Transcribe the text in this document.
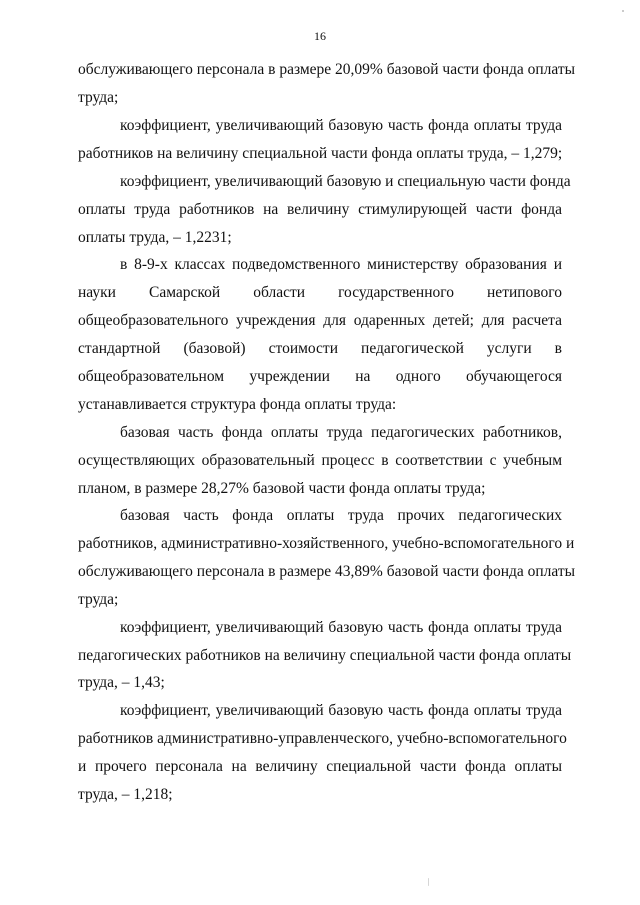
16
обслуживающего персонала в размере 20,09% базовой части фонда оплаты
труда;
коэффициент, увеличивающий базовую часть фонда оплаты труда
работников на величину специальной части фонда оплаты труда, – 1,279;
коэффициент, увеличивающий базовую и специальную части фонда
оплаты труда работников на величину стимулирующей части фонда
оплаты труда, – 1,2231;
в 8-9-х классах подведомственного министерству образования и
науки Самарской области государственного нетипового
общеобразовательного учреждения для одаренных детей; для расчета
стандартной (базовой) стоимости педагогической услуги в
общеобразовательном учреждении на одного обучающегося
устанавливается структура фонда оплаты труда:
базовая часть фонда оплаты труда педагогических работников,
осуществляющих образовательный процесс в соответствии с учебным
планом, в размере 28,27% базовой части фонда оплаты труда;
базовая часть фонда оплаты труда прочих педагогических
работников, административно-хозяйственного, учебно-вспомогательного и
обслуживающего персонала в размере 43,89% базовой части фонда оплаты
труда;
коэффициент, увеличивающий базовую часть фонда оплаты труда
педагогических работников на величину специальной части фонда оплаты
труда, – 1,43;
коэффициент, увеличивающий базовую часть фонда оплаты труда
работников административно-управленческого, учебно-вспомогательного
и прочего персонала на величину специальной части фонда оплаты
труда, – 1,218;
